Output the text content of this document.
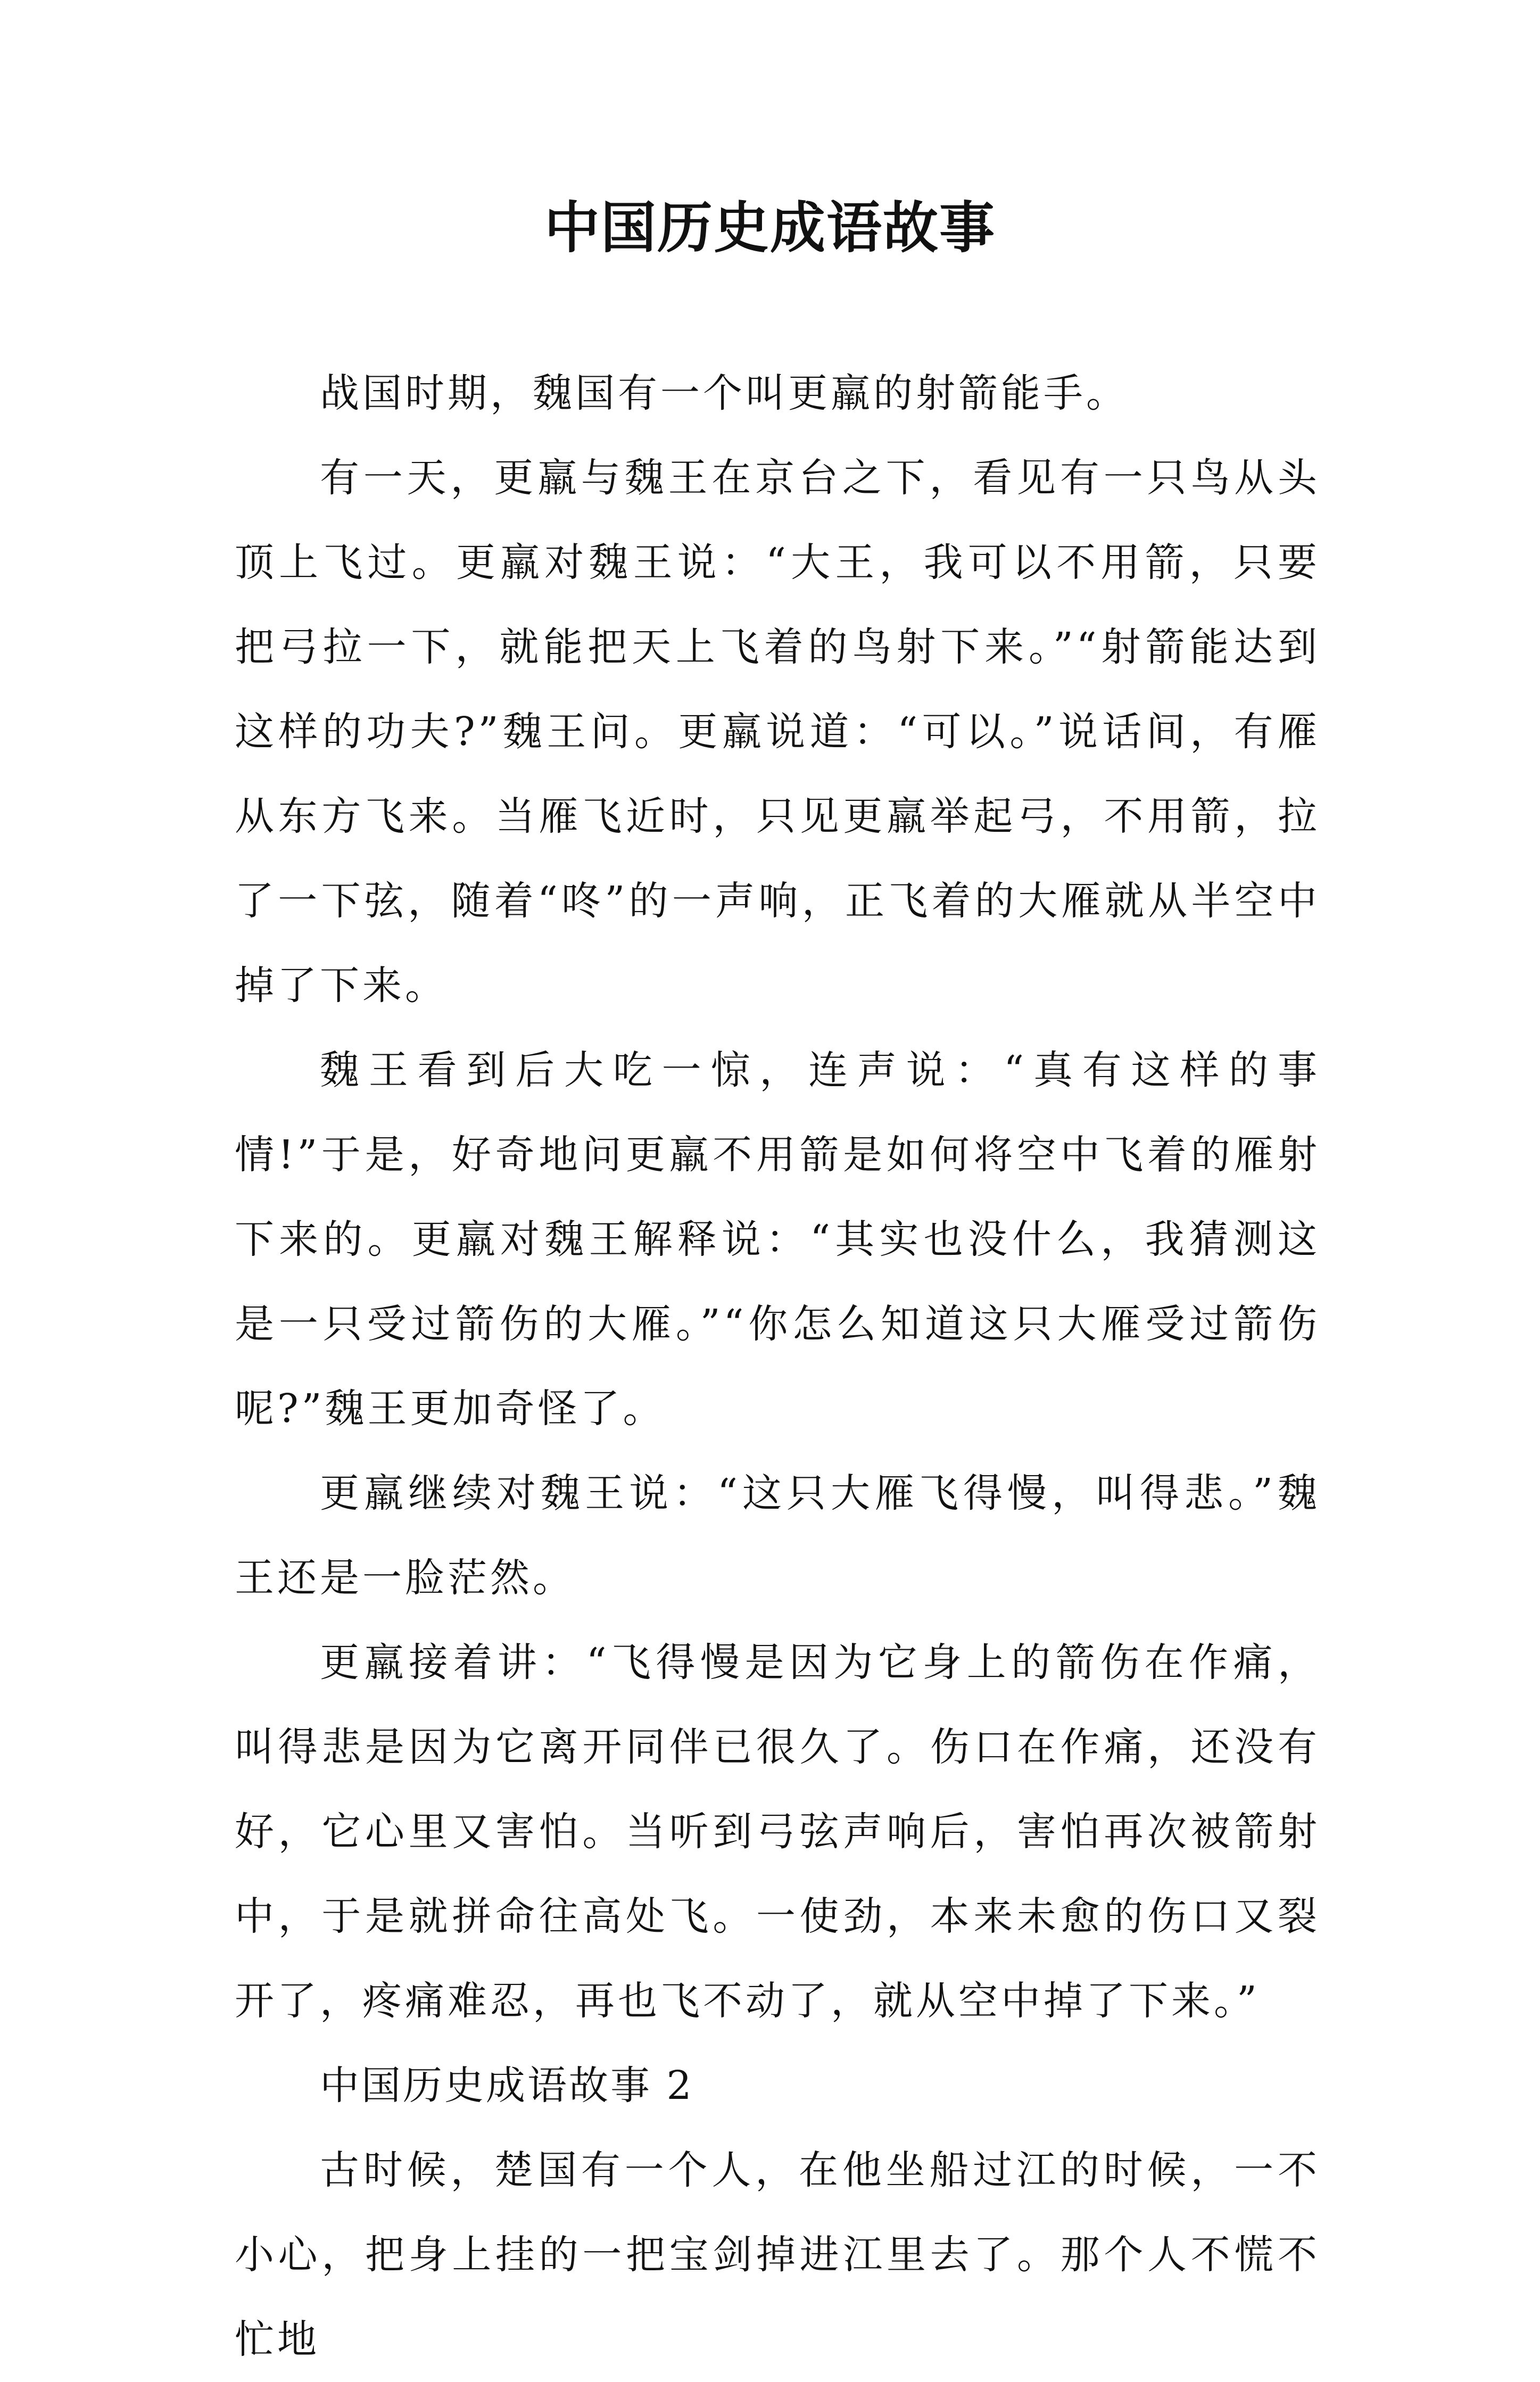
中国历史成语故事

战国时期，魏国有一个叫更羸的射箭能手。

有一天，更羸与魏王在京台之下，看见有一只鸟从头顶上飞过。更羸对魏王说：“大王，我可以不用箭，只要把弓拉一下，就能把天上飞着的鸟射下来。”“射箭能达到这样的功夫?”魏王问。更羸说道：“可以。”说话间，有雁从东方飞来。当雁飞近时，只见更羸举起弓，不用箭，拉了一下弦，随着“咚”的一声响，正飞着的大雁就从半空中掉了下来。

魏王看到后大吃一惊，连声说：“真有这样的事情!”于是，好奇地问更羸不用箭是如何将空中飞着的雁射下来的。更羸对魏王解释说：“其实也没什么，我猜测这是一只受过箭伤的大雁。”“你怎么知道这只大雁受过箭伤呢?”魏王更加奇怪了。

更羸继续对魏王说：“这只大雁飞得慢，叫得悲。”魏王还是一脸茫然。

更羸接着讲：“飞得慢是因为它身上的箭伤在作痛，叫得悲是因为它离开同伴已很久了。伤口在作痛，还没有好，它心里又害怕。当听到弓弦声响后，害怕再次被箭射中，于是就拼命往高处飞。一使劲，本来未愈的伤口又裂开了，疼痛难忍，再也飞不动了，就从空中掉了下来。”

中国历史成语故事 2

古时候，楚国有一个人，在他坐船过江的时候，一不小心，把身上挂的一把宝剑掉进江里去了。那个人不慌不忙地
